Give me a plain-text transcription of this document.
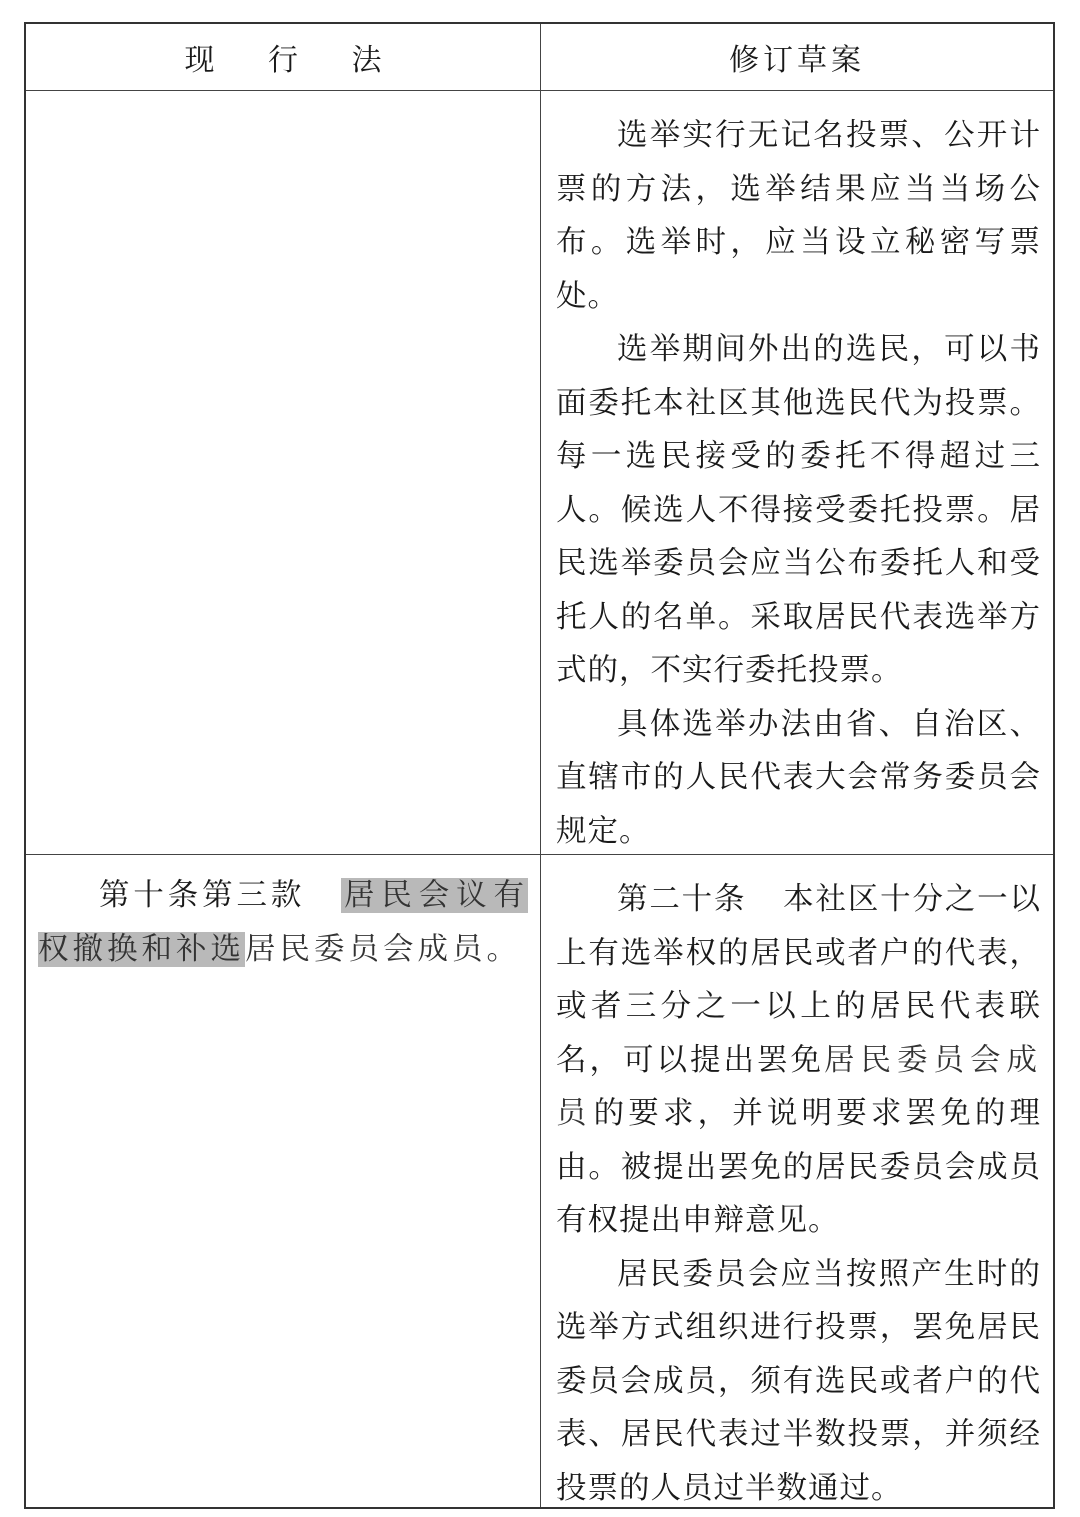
现 行 法	修订草案

选举实行无记名投票、公开计票的方法，选举结果应当当场公布。选举时，应当设立秘密写票处。

选举期间外出的选民，可以书面委托本社区其他选民代为投票。每一选民接受的委托不得超过三人。候选人不得接受委托投票。居民选举委员会应当公布委托人和受托人的名单。采取居民代表选举方式的，不实行委托投票。

具体选举办法由省、自治区、直辖市的人民代表大会常务委员会规定。

第十条第三款 居民会议有权撤换和补选居民委员会成员。

第二十条 本社区十分之一以上有选举权的居民或者户的代表，或者三分之一以上的居民代表联名，可以提出罢免居民委员会成员的要求，并说明要求罢免的理由。被提出罢免的居民委员会成员有权提出申辩意见。

居民委员会应当按照产生时的选举方式组织进行投票，罢免居民委员会成员，须有选民或者户的代表、居民代表过半数投票，并须经投票的人员过半数通过。
